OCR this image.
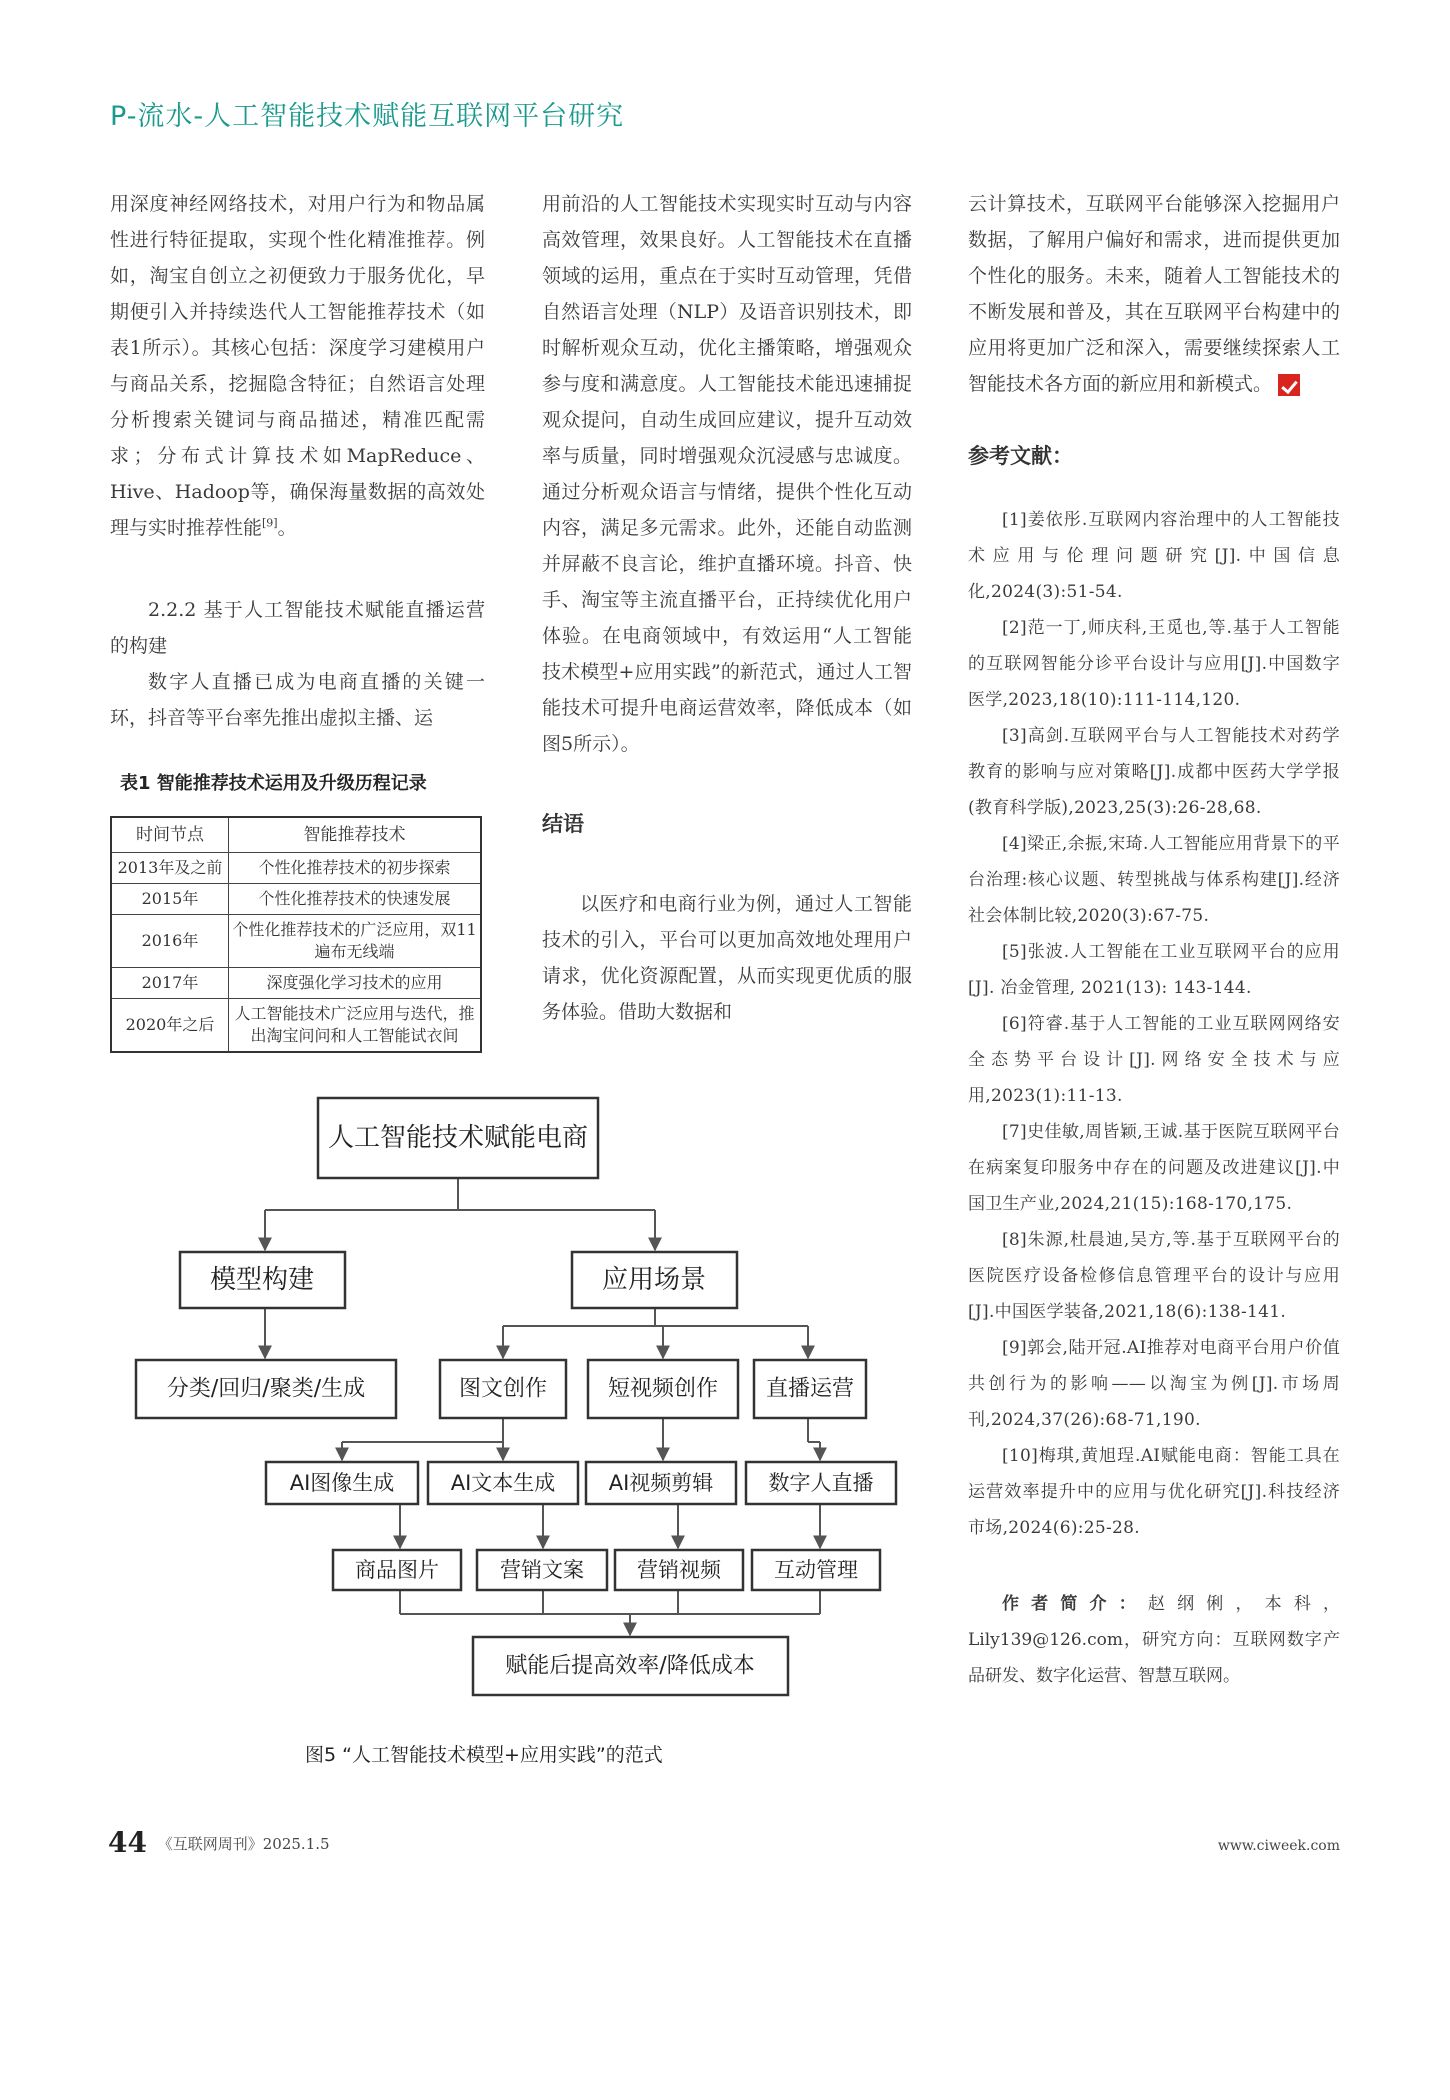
P-流水-人工智能技术赋能互联网平台研究

用深度神经网络技术，对用户行为和物品属性进行特征提取，实现个性化精准推荐。例如，淘宝自创立之初便致力于服务优化，早期便引入并持续迭代人工智能推荐技术（如表1所示）。其核心包括：深度学习建模用户与商品关系，挖掘隐含特征；自然语言处理分析搜索关键词与商品描述，精准匹配需求；分布式计算技术如MapReduce、Hive、Hadoop等，确保海量数据的高效处理与实时推荐性能[9]。

2.2.2 基于人工智能技术赋能直播运营的构建

数字人直播已成为电商直播的关键一环，抖音等平台率先推出虚拟主播、运

表1 智能推荐技术运用及升级历程记录

时间节点	智能推荐技术
2013年及之前	个性化推荐技术的初步探索
2015年	个性化推荐技术的快速发展
2016年	个性化推荐技术的广泛应用，双11遍布无线端
2017年	深度强化学习技术的应用
2020年之后	人工智能技术广泛应用与迭代，推出淘宝问问和人工智能试衣间

用前沿的人工智能技术实现实时互动与内容高效管理，效果良好。人工智能技术在直播领域的运用，重点在于实时互动管理，凭借自然语言处理（NLP）及语音识别技术，即时解析观众互动，优化主播策略，增强观众参与度和满意度。人工智能技术能迅速捕捉观众提问，自动生成回应建议，提升互动效率与质量，同时增强观众沉浸感与忠诚度。通过分析观众语言与情绪，提供个性化互动内容，满足多元需求。此外，还能自动监测并屏蔽不良言论，维护直播环境。抖音、快手、淘宝等主流直播平台，正持续优化用户体验。在电商领域中，有效运用“人工智能技术模型+应用实践”的新范式，通过人工智能技术可提升电商运营效率，降低成本（如图5所示）。

结语

以医疗和电商行业为例，通过人工智能技术的引入，平台可以更加高效地处理用户请求，优化资源配置，从而实现更优质的服务体验。借助大数据和

云计算技术，互联网平台能够深入挖掘用户数据，了解用户偏好和需求，进而提供更加个性化的服务。未来，随着人工智能技术的不断发展和普及，其在互联网平台构建中的应用将更加广泛和深入，需要继续探索人工智能技术各方面的新应用和新模式。

参考文献：

[1]姜依彤.互联网内容治理中的人工智能技术应用与伦理问题研究[J].中国信息化,2024(3):51-54.

[2]范一丁,师庆科,王觅也,等.基于人工智能的互联网智能分诊平台设计与应用[J].中国数字医学,2023,18(10):111-114,120.

[3]高剑.互联网平台与人工智能技术对药学教育的影响与应对策略[J].成都中医药大学学报(教育科学版),2023,25(3):26-28,68.

[4]梁正,余振,宋琦.人工智能应用背景下的平台治理:核心议题、转型挑战与体系构建[J].经济社会体制比较,2020(3):67-75.

[5]张波.人工智能在工业互联网平台的应用 [J]. 冶金管理, 2021(13): 143-144.

[6]符睿.基于人工智能的工业互联网网络安全态势平台设计[J].网络安全技术与应用,2023(1):11-13.

[7]史佳敏,周皆颖,王诚.基于医院互联网平台在病案复印服务中存在的问题及改进建议[J].中国卫生产业,2024,21(15):168-170,175.

[8]朱源,杜晨迪,吴方,等.基于互联网平台的医院医疗设备检修信息管理平台的设计与应用[J].中国医学装备,2021,18(6):138-141.

[9]郭会,陆开冠.AI推荐对电商平台用户价值共创行为的影响——以淘宝为例[J].市场周刊,2024,37(26):68-71,190.

[10]梅琪,黄旭珵.AI赋能电商：智能工具在运营效率提升中的应用与优化研究[J].科技经济市场,2024(6):25-28.

作者简介：赵纲俐，本科，Lily139@126.com，研究方向：互联网数字产品研发、数字化运营、智慧互联网。

人工智能技术赋能电商
模型构建	应用场景
分类/回归/聚类/生成	图文创作	短视频创作 直播运营
AI图像生成	AI文本生成	AI视频剪辑	数字人直播
商品图片	营销文案	营销视频	互动管理
赋能后提高效率/降低成本
图5 “人工智能技术模型+应用实践”的范式
44 《互联网周刊》2025.1.5	www.ciweek.com
